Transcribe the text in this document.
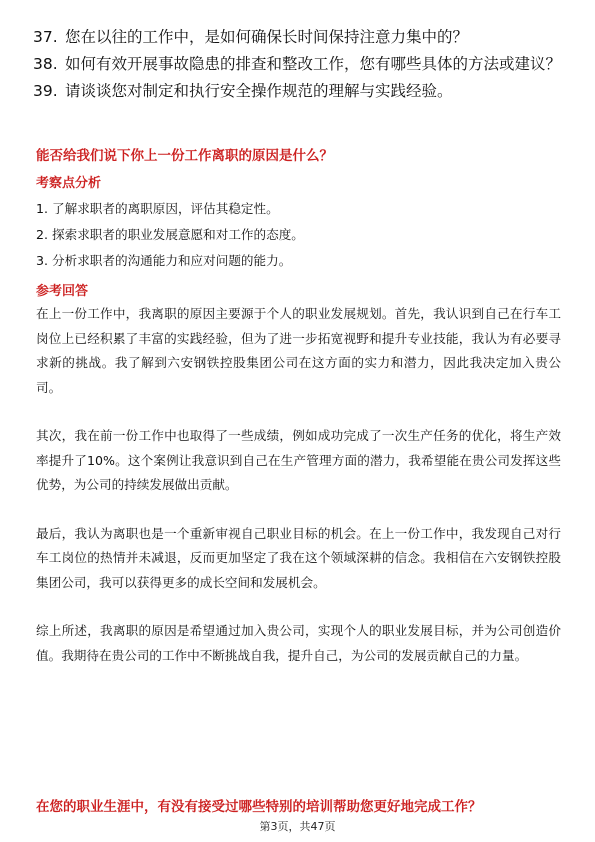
37. 您在以往的工作中，是如何确保长时间保持注意力集中的？
38. 如何有效开展事故隐患的排查和整改工作，您有哪些具体的方法或建议？
39. 请谈谈您对制定和执行安全操作规范的理解与实践经验。
能否给我们说下你上一份工作离职的原因是什么？
考察点分析
1. 了解求职者的离职原因，评估其稳定性。
2. 探索求职者的职业发展意愿和对工作的态度。
3. 分析求职者的沟通能力和应对问题的能力。
参考回答

在上一份工作中，我离职的原因主要源于个人的职业发展规划。首先，我认识到自己在行车工岗位上已经积累了丰富的实践经验，但为了进一步拓宽视野和提升专业技能，我认为有必要寻求新的挑战。我了解到六安钢铁控股集团公司在这方面的实力和潜力，因此我决定加入贵公司。

其次，我在前一份工作中也取得了一些成绩，例如成功完成了一次生产任务的优化，将生产效率提升了10%。这个案例让我意识到自己在生产管理方面的潜力，我希望能在贵公司发挥这些优势，为公司的持续发展做出贡献。

最后，我认为离职也是一个重新审视自己职业目标的机会。在上一份工作中，我发现自己对行车工岗位的热情并未减退，反而更加坚定了我在这个领域深耕的信念。我相信在六安钢铁控股集团公司，我可以获得更多的成长空间和发展机会。

综上所述，我离职的原因是希望通过加入贵公司，实现个人的职业发展目标，并为公司创造价值。我期待在贵公司的工作中不断挑战自我，提升自己，为公司的发展贡献自己的力量。

在您的职业生涯中，有没有接受过哪些特别的培训帮助您更好地完成工作？
第3页，共47页
